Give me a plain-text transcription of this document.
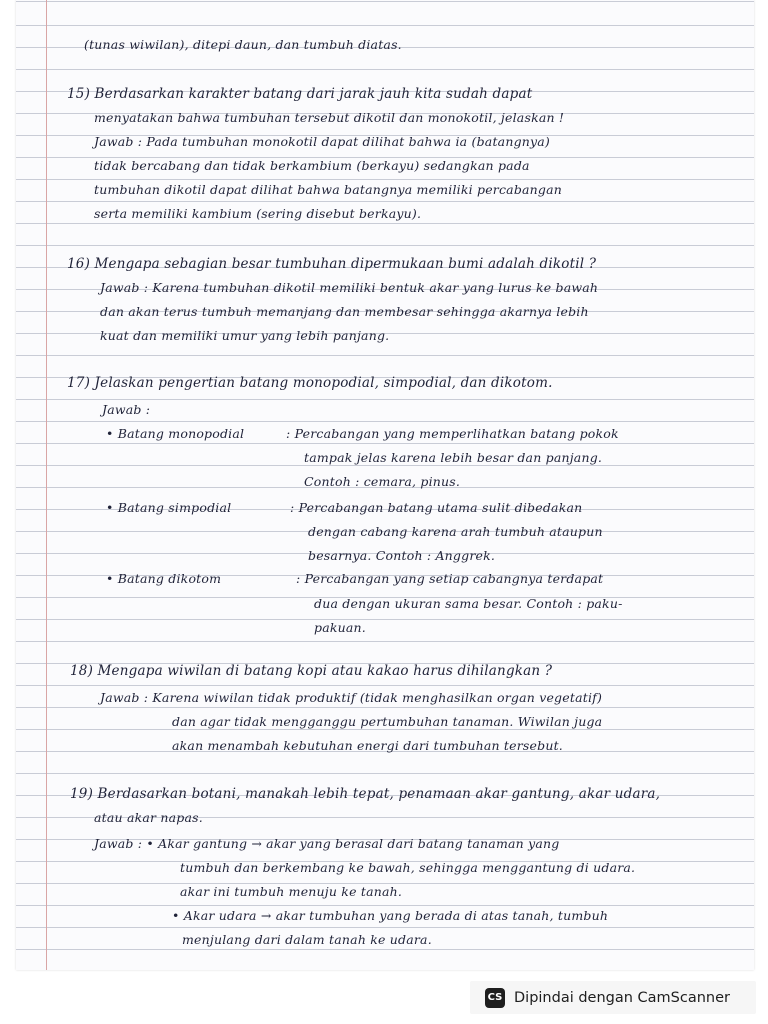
(tunas wiwilan), ditepi daun, dan tumbuh diatas.

15) Berdasarkan karakter batang dari jarak jauh kita sudah dapat

menyatakan bahwa tumbuhan tersebut dikotil dan monokotil, jelaskan !

Jawab : Pada tumbuhan monokotil dapat dilihat bahwa ia (batangnya)

tidak bercabang dan tidak berkambium (berkayu) sedangkan pada

tumbuhan dikotil dapat dilihat bahwa batangnya memiliki percabangan

serta memiliki kambium (sering disebut berkayu).

16) Mengapa sebagian besar tumbuhan dipermukaan bumi adalah dikotil ?

Jawab : Karena tumbuhan dikotil memiliki bentuk akar yang lurus ke bawah

dan akan terus tumbuh memanjang dan membesar sehingga akarnya lebih

kuat dan memiliki umur yang lebih panjang.

17) Jelaskan pengertian batang monopodial, simpodial, dan dikotom.

Jawab :

• Batang monopodial	: Percabangan yang memperlihatkan batang pokok

tampak jelas karena lebih besar dan panjang.

Contoh : cemara, pinus.

• Batang simpodial	: Percabangan batang utama sulit dibedakan

dengan cabang karena arah tumbuh ataupun

besarnya. Contoh : Anggrek.

• Batang dikotom	: Percabangan yang setiap cabangnya terdapat

dua dengan ukuran sama besar. Contoh : paku-

pakuan.

18) Mengapa wiwilan di batang kopi atau kakao harus dihilangkan ?

Jawab : Karena wiwilan tidak produktif (tidak menghasilkan organ vegetatif)

dan agar tidak mengganggu pertumbuhan tanaman. Wiwilan juga

akan menambah kebutuhan energi dari tumbuhan tersebut.

19) Berdasarkan botani, manakah lebih tepat, penamaan akar gantung, akar udara,

atau akar napas.

Jawab : • Akar gantung → akar yang berasal dari batang tanaman yang

tumbuh dan berkembang ke bawah, sehingga menggantung di udara.

akar ini tumbuh menuju ke tanah.

• Akar udara → akar tumbuhan yang berada di atas tanah, tumbuh

menjulang dari dalam tanah ke udara.

CS Dipindai dengan CamScanner
